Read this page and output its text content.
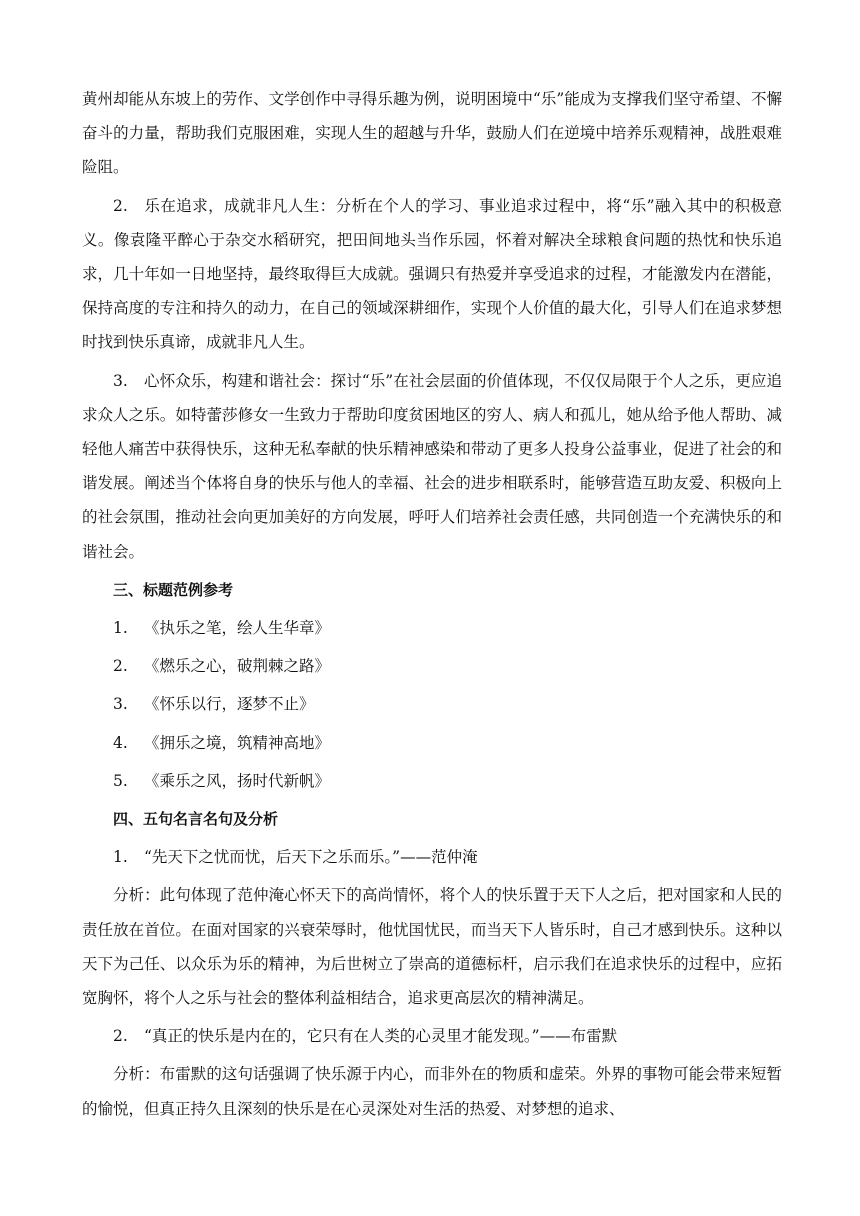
黄州却能从东坡上的劳作、文学创作中寻得乐趣为例，说明困境中“乐”能成为支撑我们坚守希望、不懈奋斗的力量，帮助我们克服困难，实现人生的超越与升华，鼓励人们在逆境中培养乐观精神，战胜艰难险阻。

2. 乐在追求，成就非凡人生：分析在个人的学习、事业追求过程中，将“乐”融入其中的积极意义。像袁隆平醉心于杂交水稻研究，把田间地头当作乐园，怀着对解决全球粮食问题的热忱和快乐追求，几十年如一日地坚持，最终取得巨大成就。强调只有热爱并享受追求的过程，才能激发内在潜能，保持高度的专注和持久的动力，在自己的领域深耕细作，实现个人价值的最大化，引导人们在追求梦想时找到快乐真谛，成就非凡人生。

3. 心怀众乐，构建和谐社会：探讨“乐”在社会层面的价值体现，不仅仅局限于个人之乐，更应追求众人之乐。如特蕾莎修女一生致力于帮助印度贫困地区的穷人、病人和孤儿，她从给予他人帮助、减轻他人痛苦中获得快乐，这种无私奉献的快乐精神感染和带动了更多人投身公益事业，促进了社会的和谐发展。阐述当个体将自身的快乐与他人的幸福、社会的进步相联系时，能够营造互助友爱、积极向上的社会氛围，推动社会向更加美好的方向发展，呼吁人们培养社会责任感，共同创造一个充满快乐的和谐社会。

三、标题范例参考

1. 《执乐之笔，绘人生华章》

2. 《燃乐之心，破荆棘之路》

3. 《怀乐以行，逐梦不止》

4. 《拥乐之境，筑精神高地》

5. 《乘乐之风，扬时代新帆》

四、五句名言名句及分析

1. “先天下之忧而忧，后天下之乐而乐。”——范仲淹

分析：此句体现了范仲淹心怀天下的高尚情怀，将个人的快乐置于天下人之后，把对国家和人民的责任放在首位。在面对国家的兴衰荣辱时，他忧国忧民，而当天下人皆乐时，自己才感到快乐。这种以天下为己任、以众乐为乐的精神，为后世树立了崇高的道德标杆，启示我们在追求快乐的过程中，应拓宽胸怀，将个人之乐与社会的整体利益相结合，追求更高层次的精神满足。

2. “真正的快乐是内在的，它只有在人类的心灵里才能发现。”——布雷默

分析：布雷默的这句话强调了快乐源于内心，而非外在的物质和虚荣。外界的事物可能会带来短暂的愉悦，但真正持久且深刻的快乐是在心灵深处对生活的热爱、对梦想的追求、
